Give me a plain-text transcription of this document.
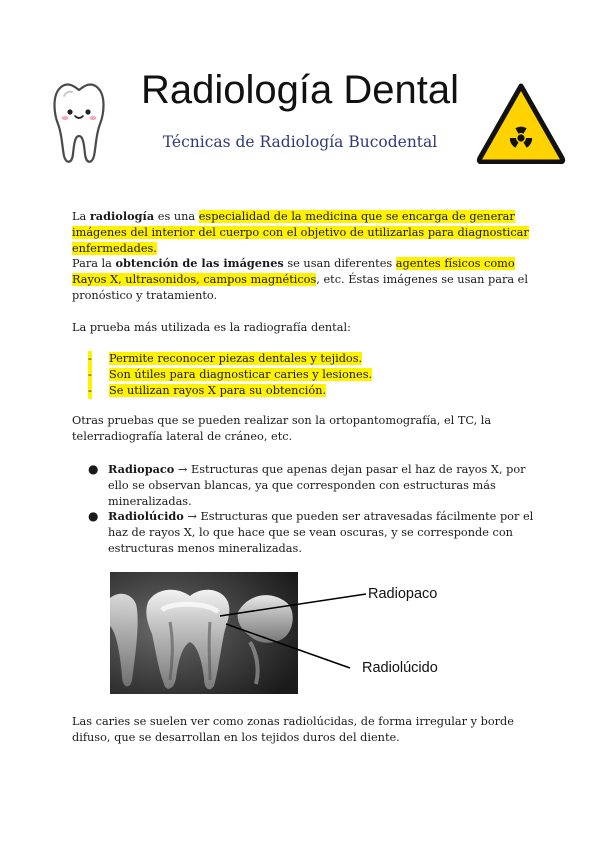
Radiología Dental
Técnicas de Radiología Bucodental

La radiología es una especialidad de la medicina que se encarga de generar imágenes del interior del cuerpo con el objetivo de utilizarlas para diagnosticar enfermedades.

Para la obtención de las imágenes se usan diferentes agentes físicos como Rayos X, ultrasonidos, campos magnéticos, etc. Éstas imágenes se usan para el pronóstico y tratamiento.

La prueba más utilizada es la radiografía dental:

- Permite reconocer piezas dentales y tejidos.
- Son útiles para diagnosticar caries y lesiones.
- Se utilizan rayos X para su obtención.

Otras pruebas que se pueden realizar son la ortopantomografía, el TC, la telerradiografía lateral de cráneo, etc.

● Radiopaco → Estructuras que apenas dejan pasar el haz de rayos X, por ello se observan blancas, ya que corresponden con estructuras más mineralizadas.
● Radiolúcido → Estructuras que pueden ser atravesadas fácilmente por el haz de rayos X, lo que hace que se vean oscuras, y se corresponde con estructuras menos mineralizadas.
Radiopaco
Radiolúcido

Las caries se suelen ver como zonas radiolúcidas, de forma irregular y borde difuso, que se desarrollan en los tejidos duros del diente.
